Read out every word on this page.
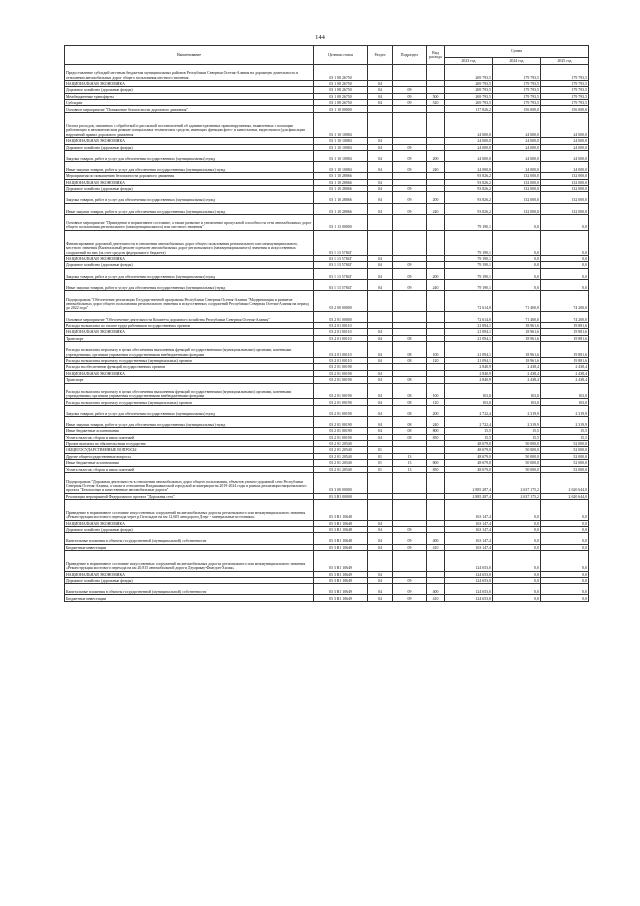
144
Наименование	Целевая статья	Раздел	Подраздел	Вид расхода	Сумма		
					2023 год	2024 год	2025 год
Предоставление субсидий местным бюджетам муниципальных районов Республики Северная Осетия-Алания на дорожную деятельность в отношении автомобильных дорог общего пользования местного значения	03 1 08 26750				269 793,5	179 793,5	179 793,5
НАЦИОНАЛЬНАЯ ЭКОНОМИКА	03 1 08 26750	04			269 793,5	179 793,5	179 793,5
Дорожное хозяйство (дорожные фонды)	03 1 08 26750	04	09		269 793,5	179 793,5	179 793,5
Межбюджетные трансферты	03 1 08 26750	04	09	500	269 793,5	179 793,5	179 793,5
Субсидии	03 1 08 26750	04	09	520	269 793,5	179 793,5	179 793,5
Основное мероприятие "Повышение безопасности дорожного движения"	03 1 10 00000				117 826,2	156 000,0	156 000,0
Оплата расходов, связанных с обработкой и рассылкой постановлений об административных правонарушениях, выявленных с помощью работающих в автоматическом режиме специальных технических средств, имеющих функции фото- и киносъемки, видеозаписи (для фиксации нарушений правил дорожного движения	03 1 10 10084				24 000,0	24 000,0	24 000,0
НАЦИОНАЛЬНАЯ ЭКОНОМИКА	03 1 10 10084	04			24 000,0	24 000,0	24 000,0
Дорожное хозяйство (дорожные фонды)	03 1 10 10084	04	09		24 000,0	24 000,0	24 000,0
Закупка товаров, работ и услуг для обеспечения государственных (муниципальных) нужд	03 1 10 10084	04	09	200	24 000,0	24 000,0	24 000,0
Иные закупки товаров, работ и услуг для обеспечения государственных (муниципальных) нужд	03 1 10 10084	04	09	240	24 000,0	24 000,0	24 000,0
Мероприятия по повышению безопасности дорожного движения	03 1 10 28066				93 826,2	132 000,0	132 000,0
НАЦИОНАЛЬНАЯ ЭКОНОМИКА	03 1 10 28066	04			93 826,2	132 000,0	132 000,0
Дорожное хозяйство (дорожные фонды)	03 1 10 28066	04	09		93 826,2	132 000,0	132 000,0
Закупка товаров, работ и услуг для обеспечения государственных (муниципальных) нужд	03 1 10 28066	04	09	200	93 826,2	132 000,0	132 000,0
Иные закупки товаров, работ и услуг для обеспечения государственных (муниципальных) нужд	03 1 10 28066	04	09	240	93 826,2	132 000,0	132 000,0
Основное мероприятие "Приведение в нормативное состояние, а также развитие и увеличение пропускной способности сети автомобильных дорог общего пользования регионального (межмуниципального) или местного значения"	03 1 13 00000				79 190,1	0,0	0,0
Финансирование дорожной деятельности в отношении автомобильных дорог общего пользования регионального или межмуниципального, местного значения (Капитальный ремонт и ремонт автомобильных дорог регионального (межмуниципального) значения и искусственных сооружений на них (за счет средств федерального бюджета)	03 1 13 5784Г				79 190,1	0,0	0,0
НАЦИОНАЛЬНАЯ ЭКОНОМИКА	03 1 13 5784Г	04			79 190,1	0,0	0,0
Дорожное хозяйство (дорожные фонды)	03 1 13 5784Г	04	09		79 190,1	0,0	0,0
Закупка товаров, работ и услуг для обеспечения государственных (муниципальных) нужд	03 1 13 5784Г	04	09	200	79 190,1	0,0	0,0
Иные закупки товаров, работ и услуг для обеспечения государственных (муниципальных) нужд	03 1 13 5784Г	04	09	240	79 190,1	0,0	0,0
Подпрограмма "Обеспечение реализации Государственной программы Республики Северная Осетия-Алания "Модернизация и развитие автомобильных дорог общего пользования регионального значения и искусственных сооружений Республики Северная Осетия-Алания на период до 2022 года"	03 2 00 00000				72 614,0	71 400,0	74 200,0
Основное мероприятие "Обеспечение деятельности Комитета дорожного хозяйства Республики Северная Осетия-Алания"	03 2 01 00000				72 614,0	71 400,0	74 200,0
Расходы на выплаты по оплате труда работников государственных органов	03 2 01 00110				21 094,1	18 961,6	19 881,6
НАЦИОНАЛЬНАЯ ЭКОНОМИКА	03 2 01 00110	04			21 094,1	18 961,6	19 881,6
Транспорт	03 2 01 00110	04	08		21 094,1	18 961,6	19 881,6
Расходы на выплаты персоналу в целях обеспечения выполнения функций государственными (муниципальными) органами, казенными учреждениями, органами управления государственными внебюджетными фондами	03 2 01 00110	04	08	100	21 094,1	18 961,6	19 881,6
Расходы на выплаты персоналу государственных (муниципальных) органов	03 2 01 00110	04	08	120	21 094,1	18 961,6	19 881,6
Расходы на обеспечение функций государственных органов	03 2 01 00190				2 840,9	2 438,4	2 438,4
НАЦИОНАЛЬНАЯ ЭКОНОМИКА	03 2 01 00190	04			2 840,9	2 438,4	2 438,4
Транспорт	03 2 01 00190	04	08		2 840,9	2 438,4	2 438,4
Расходы на выплаты персоналу в целях обеспечения выполнения функций государственными (муниципальными) органами, казенными учреждениями, органами управления государственными внебюджетными фондами	03 2 01 00190	04	08	100	103,0	103,0	103,0
Расходы на выплаты персоналу государственных (муниципальных) органов	03 2 01 00190	04	08	120	103,0	103,0	103,0
Закупка товаров, работ и услуг для обеспечения государственных (муниципальных) нужд	03 2 01 00190	04	08	200	2 722,4	2 319,9	2 319,9
Иные закупки товаров, работ и услуг для обеспечения государственных (муниципальных) нужд	03 2 01 00190	04	08	240	2 722,4	2 319,9	2 319,9
Иные бюджетные ассигнования	03 2 01 00190	04	08	800	15,5	15,5	15,5
Уплата налогов, сборов и иных платежей	03 2 01 00190	04	08	850	15,5	15,5	15,5
Прочие выплаты по обязательствам государства	03 2 01 20540				48 679,0	50 000,0	52 000,0
ОБЩЕГОСУДАРСТВЕННЫЕ ВОПРОСЫ	03 2 01 20540	01			48 679,0	50 000,0	52 000,0
Другие общегосударственные вопросы	03 2 01 20540	01	13		48 679,0	50 000,0	52 000,0
Иные бюджетные ассигнования	03 2 01 20540	01	13	800	48 679,0	50 000,0	52 000,0
Уплата налогов, сборов и иных платежей	03 2 01 20540	01	13	850	48 679,0	50 000,0	52 000,0
Подпрограмма "Дорожная деятельность в отношении автомобильных дорог общего пользования, объектов улично-дорожной сети Республики Северная Осетия-Алания, а также в отношении Владикавказской городской агломерации на 2019-2024 годы в рамках реализации национального проекта "Безопасные и качественные автомобильные дороги"	03 3 00 00000				2 885 287,4	2 637 175,2	2 620 644,0
Реализация мероприятий Федерального проекта "Дорожная сеть"	03 3 R1 00000				2 885 287,4	2 637 175,2	2 620 644,0
Приведение в нормативное состояние искусственных сооружений на автомобильных дорогах регионального или межмуниципального значения «Реконструкция мостового перехода через р.Гизельдон на км 12,605 автодороги Дзауг - минеральные источники»	03 3 R1 10648				163 147,4	0,0	0,0
НАЦИОНАЛЬНАЯ ЭКОНОМИКА	03 3 R1 10648	04			163 147,4	0,0	0,0
Дорожное хозяйство (дорожные фонды)	03 3 R1 10648	04	09		163 147,4	0,0	0,0
Капитальные вложения в объекты государственной (муниципальной) собственности	03 3 R1 10648	04	09	400	163 147,4	0,0	0,0
Бюджетные инвестиции	03 3 R1 10648	04	09	410	163 147,4	0,0	0,0
Приведение в нормативное состояние искусственных сооружений на автомобильных дорогах регионального или межмуниципального значения «Реконструкция мостового перехода на км 20,815 автомобильной дороги Дзуарикау-Фиагдон-Хилак»	03 3 R1 10649				124 653,0	0,0	0,0
НАЦИОНАЛЬНАЯ ЭКОНОМИКА	03 3 R1 10649	04			124 653,0	0,0	0,0
Дорожное хозяйство (дорожные фонды)	03 3 R1 10649	04	09		124 653,0	0,0	0,0
Капитальные вложения в объекты государственной (муниципальной) собственности	03 3 R1 10649	04	09	400	124 653,0	0,0	0,0
Бюджетные инвестиции	03 3 R1 10649	04	09	410	124 653,0	0,0	0,0
